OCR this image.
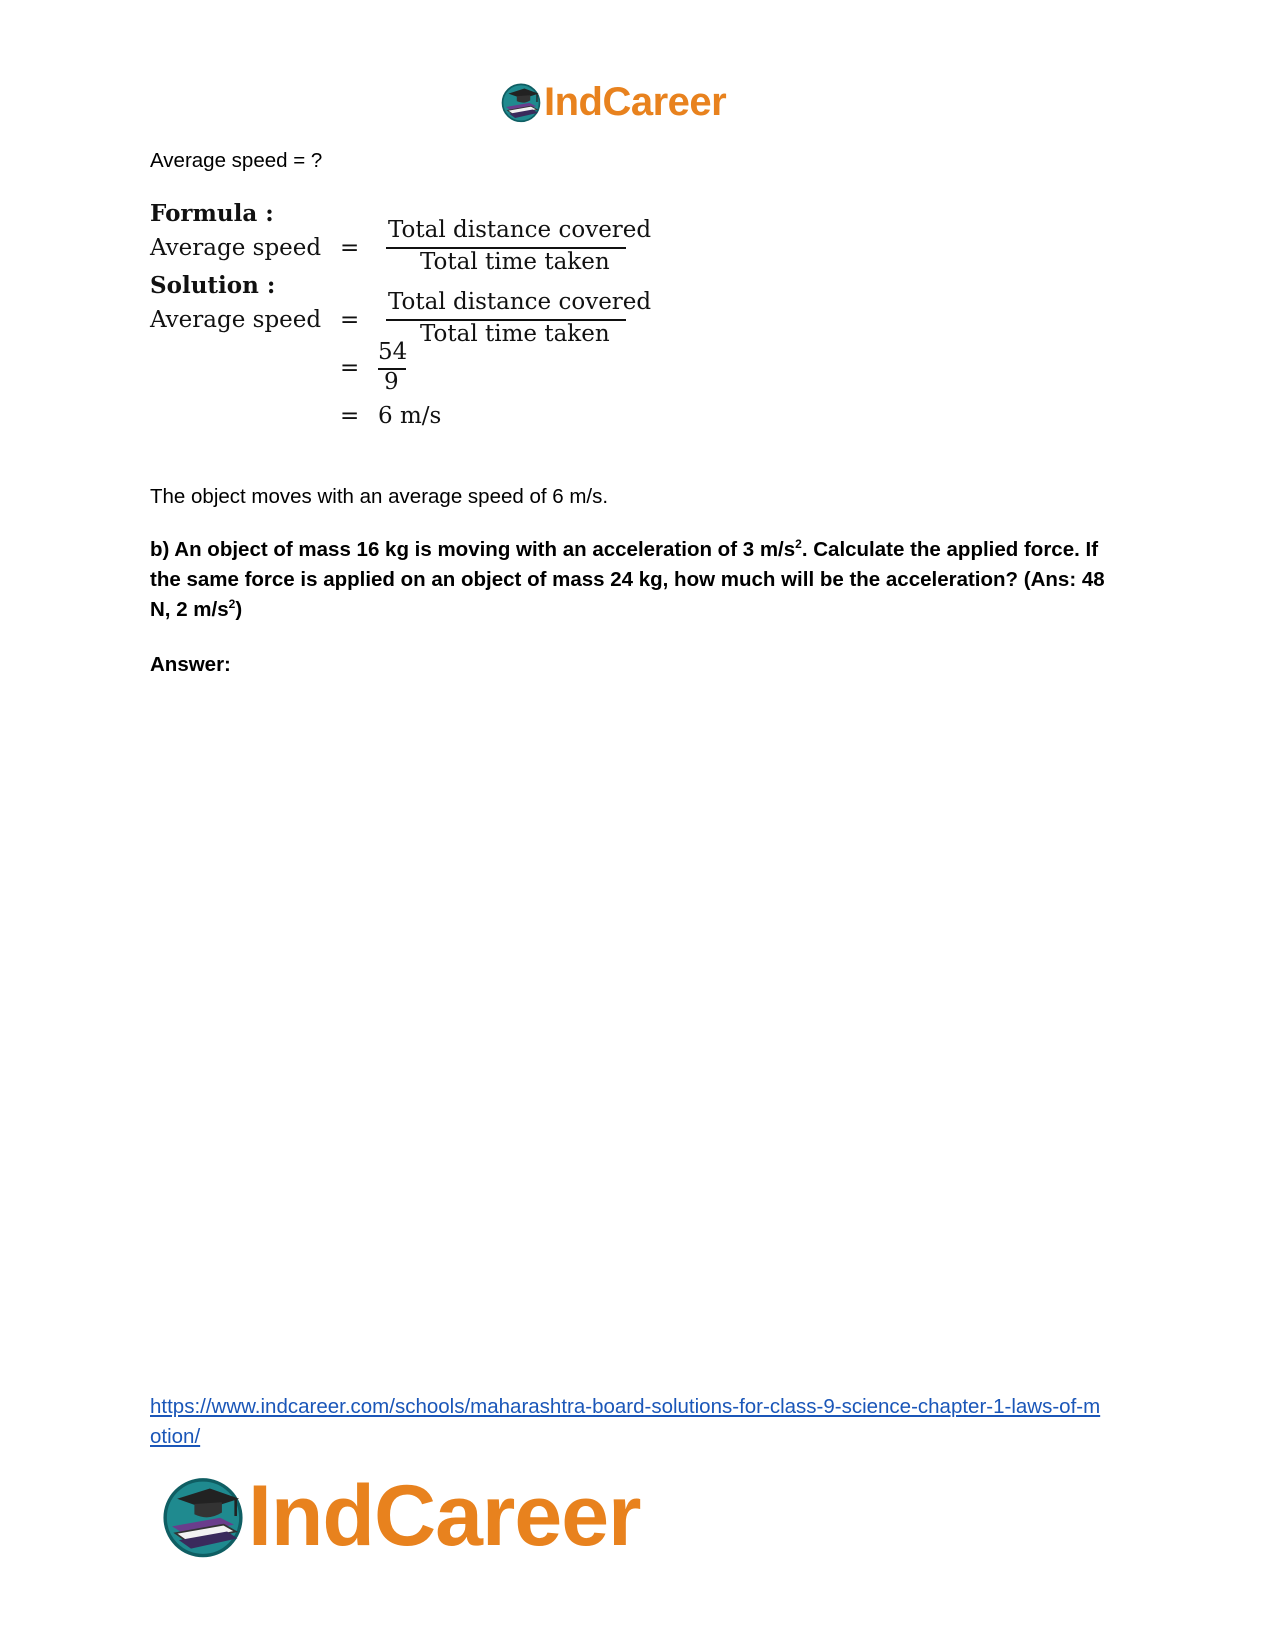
IndCareer
Average speed = ?
Formula :
Average speed =
Total distance covered
Total time taken
Solution :
Average speed =
Total distance covered
Total time taken
=
54
9
= 6 m/s
The object moves with an average speed of 6 m/s.
b) An object of mass 16 kg is moving with an acceleration of 3 $m/s^2$. Calculate the applied force. If the same force is applied on an object of mass 24 kg, how much will be the acceleration? (Ans: 48 N, 2 $m/s^2$)
Answer:
https://www.indcareer.com/schools/maharashtra-board-solutions-for-class-9-science-chapter-1-laws-of-motion/
IndCareer
